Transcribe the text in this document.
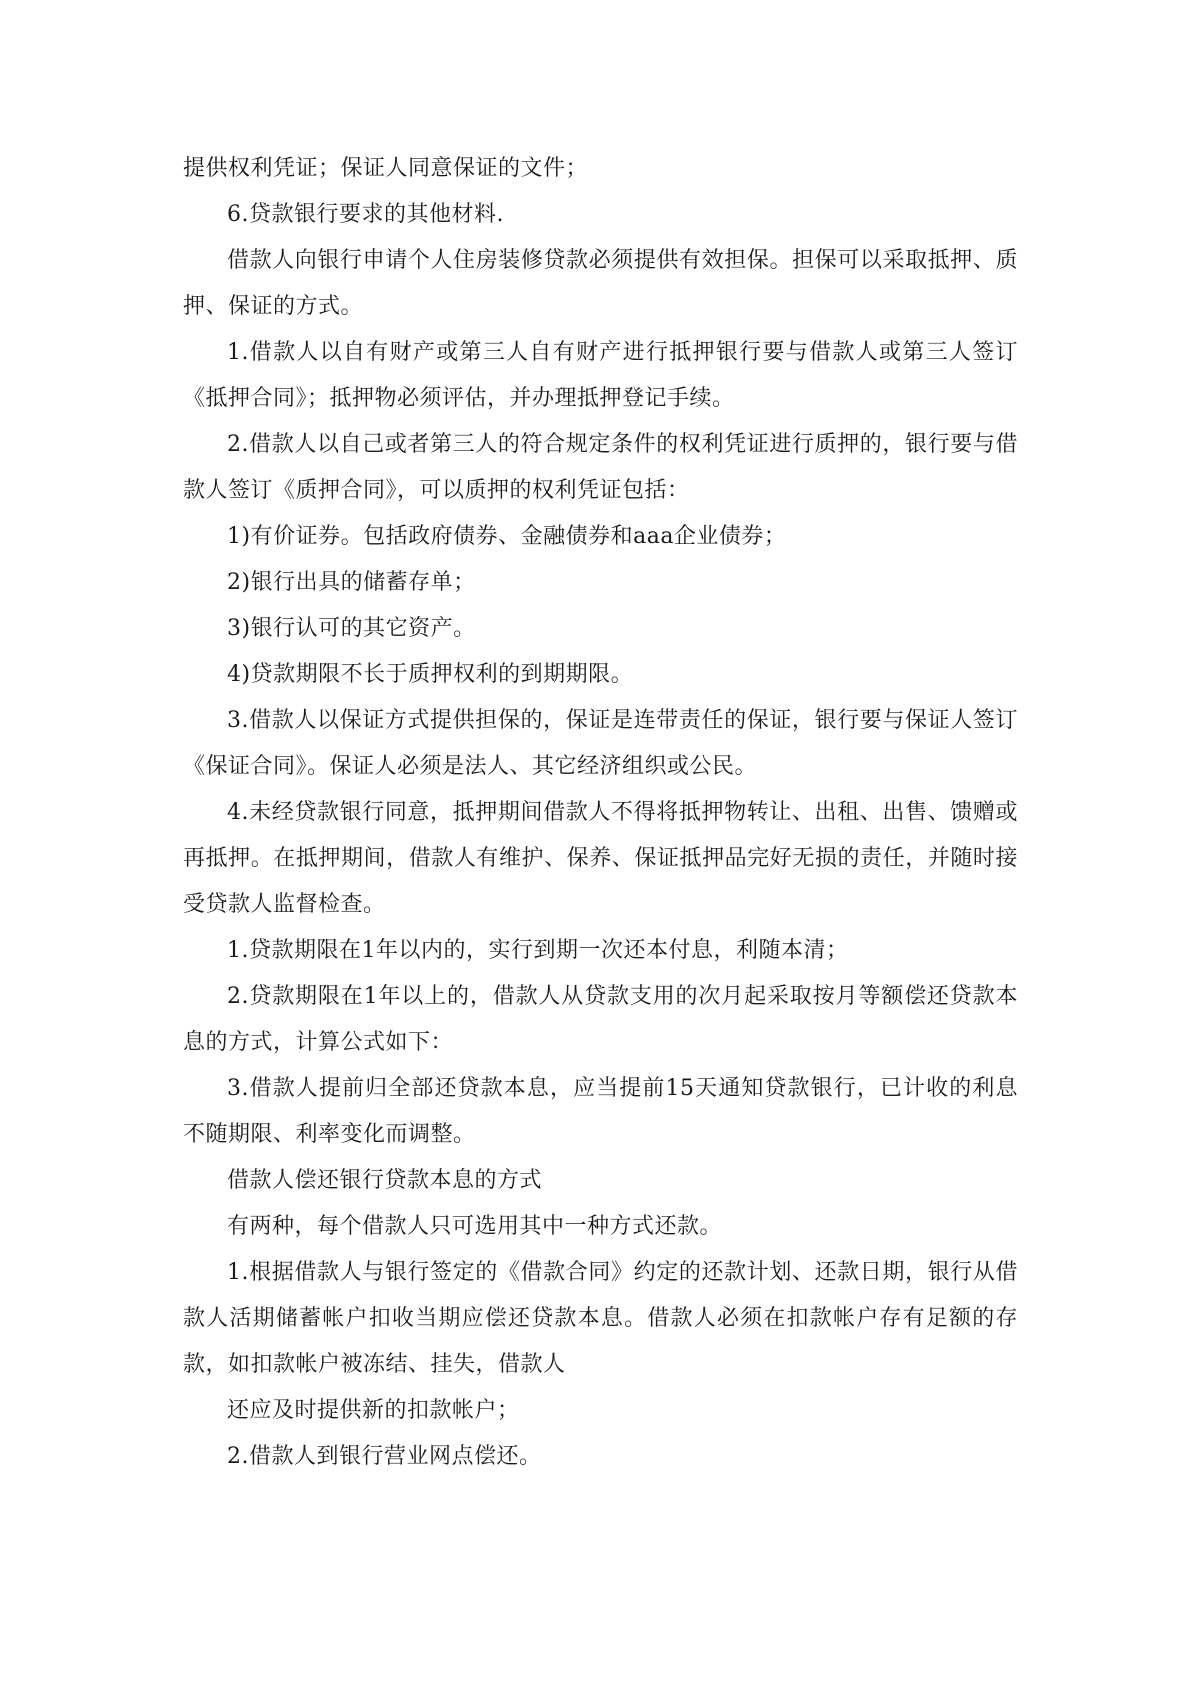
提供权利凭证；保证人同意保证的文件；

6.贷款银行要求的其他材料.

借款人向银行申请个人住房装修贷款必须提供有效担保。担保可以采取抵押、质押、保证的方式。

1.借款人以自有财产或第三人自有财产进行抵押银行要与借款人或第三人签订《抵押合同》；抵押物必须评估，并办理抵押登记手续。

2.借款人以自己或者第三人的符合规定条件的权利凭证进行质押的，银行要与借款人签订《质押合同》，可以质押的权利凭证包括：

1)有价证券。包括政府债券、金融债券和aaa企业债券；

2)银行出具的储蓄存单；

3)银行认可的其它资产。

4)贷款期限不长于质押权利的到期期限。

3.借款人以保证方式提供担保的，保证是连带责任的保证，银行要与保证人签订《保证合同》。保证人必须是法人、其它经济组织或公民。

4.未经贷款银行同意，抵押期间借款人不得将抵押物转让、出租、出售、馈赠或再抵押。在抵押期间，借款人有维护、保养、保证抵押品完好无损的责任，并随时接受贷款人监督检查。

1.贷款期限在1年以内的，实行到期一次还本付息，利随本清；

2.贷款期限在1年以上的，借款人从贷款支用的次月起采取按月等额偿还贷款本息的方式，计算公式如下：

3.借款人提前归全部还贷款本息，应当提前15天通知贷款银行，已计收的利息不随期限、利率变化而调整。

借款人偿还银行贷款本息的方式

有两种，每个借款人只可选用其中一种方式还款。

1.根据借款人与银行签定的《借款合同》约定的还款计划、还款日期，银行从借款人活期储蓄帐户扣收当期应偿还贷款本息。借款人必须在扣款帐户存有足额的存款，如扣款帐户被冻结、挂失，借款人

还应及时提供新的扣款帐户；

2.借款人到银行营业网点偿还。
